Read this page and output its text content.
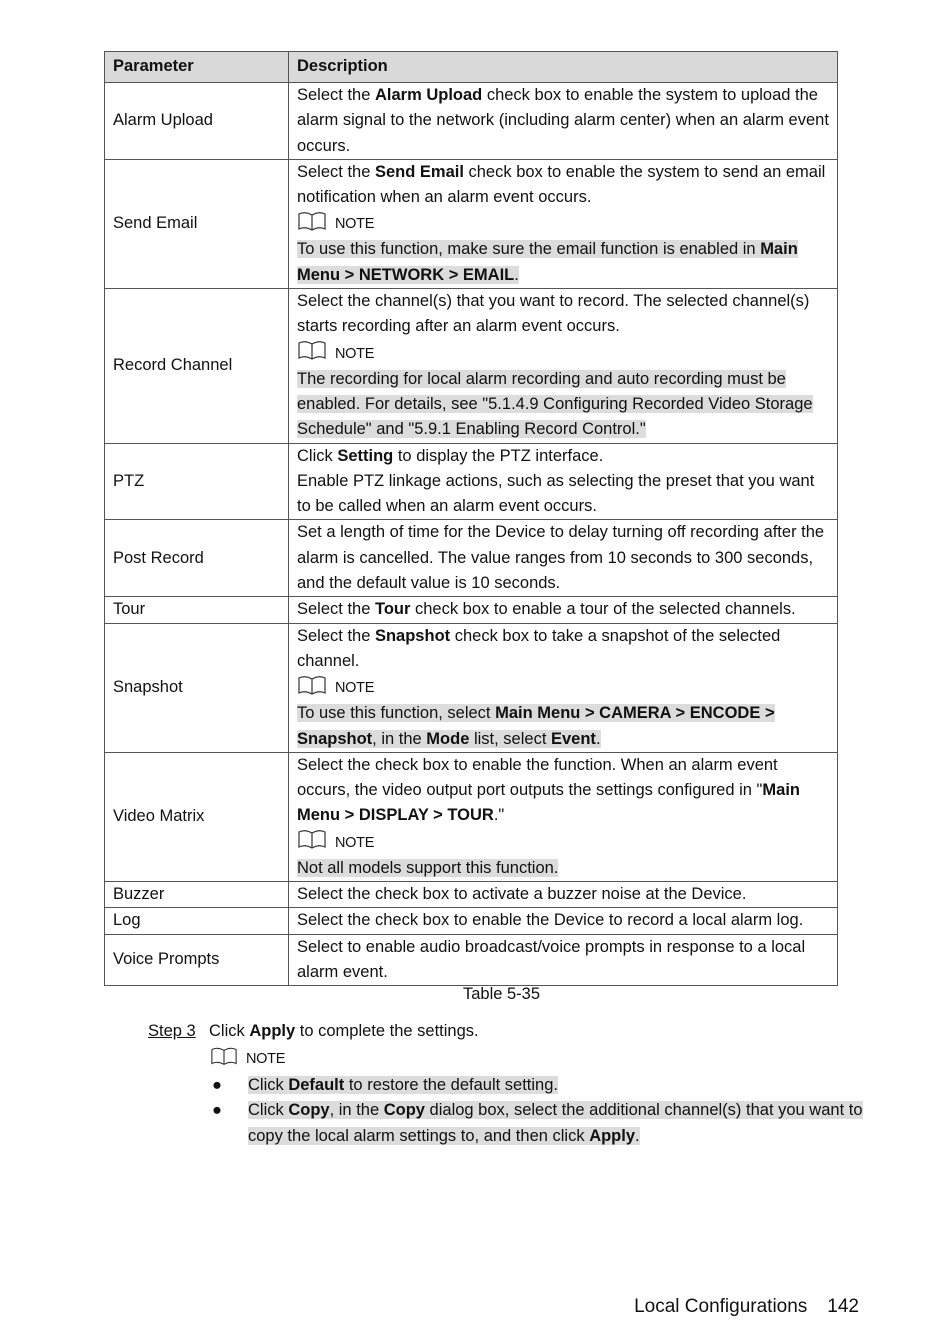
Parameter	Description
Alarm Upload	Select the Alarm Upload check box to enable the system to upload the alarm signal to the network (including alarm center) when an alarm event occurs.

Send Email	Select the Send Email check box to enable the system to send an email notification when an alarm event occurs.
NOTE
To use this function, make sure the email function is enabled in Main Menu > NETWORK > EMAIL.

Record Channel	Select the channel(s) that you want to record. The selected channel(s) starts recording after an alarm event occurs.
NOTE
The recording for local alarm recording and auto recording must be enabled. For details, see "5.1.4.9 Configuring Recorded Video Storage Schedule" and "5.9.1 Enabling Record Control."

PTZ	Click Setting to display the PTZ interface.
Enable PTZ linkage actions, such as selecting the preset that you want to be called when an alarm event occurs.

Post Record	Set a length of time for the Device to delay turning off recording after the alarm is cancelled. The value ranges from 10 seconds to 300 seconds, and the default value is 10 seconds.

Tour	Select the Tour check box to enable a tour of the selected channels.

Snapshot	Select the Snapshot check box to take a snapshot of the selected channel.
NOTE
To use this function, select Main Menu > CAMERA > ENCODE > Snapshot, in the Mode list, select Event.

Video Matrix	Select the check box to enable the function. When an alarm event occurs, the video output port outputs the settings configured in "Main Menu > DISPLAY > TOUR."
NOTE
Not all models support this function.

Buzzer	Select the check box to activate a buzzer noise at the Device.

Log	Select the check box to enable the Device to record a local alarm log.

Voice Prompts	Select to enable audio broadcast/voice prompts in response to a local alarm event.
Table 5-35
Step 3 Click Apply to complete the settings.
NOTE
● Click Default to restore the default setting.
● Click Copy, in the Copy dialog box, select the additional channel(s) that you want to copy the local alarm settings to, and then click Apply.
Local Configurations 142
